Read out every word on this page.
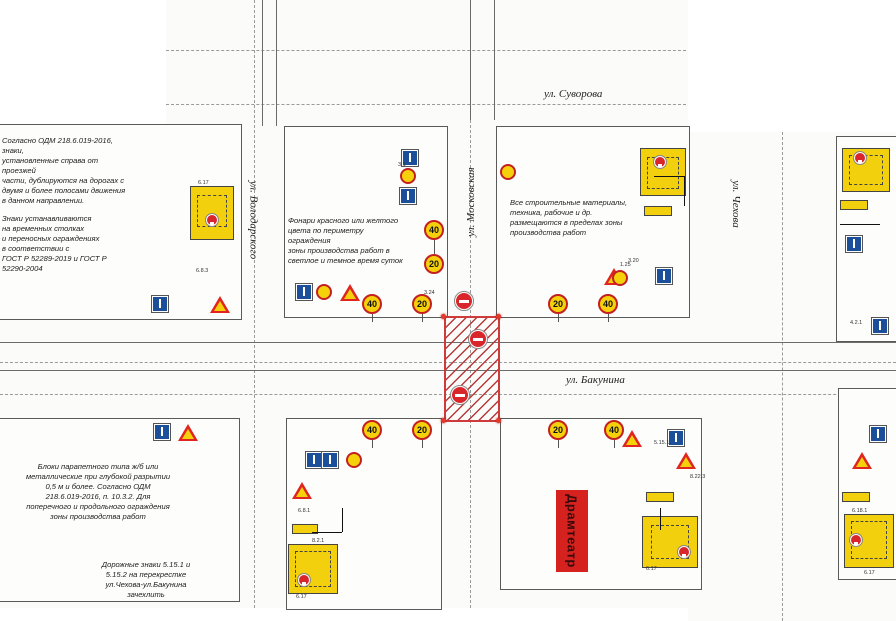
ул. Суворова
ул. Бакунина
ул. Володарского	ул. Московская	ул. Чехова
Согласно ОДМ 218.6.019-2016, знаки,
установленные справа от проезжей
части, дублируются на дорогах с
двумя и более полосами движения
в данном направлении.
Знаки устанавливаются
на временных столках
и переносных ограждениях
в соответствии с
ГОСТ Р 52289-2019 и ГОСТ Р
52290-2004
Фонари красного или желтого
цвета по периметру ограждения
зоны производства работ в
светлое и темное время суток
Все строительные материалы,
техника, рабочие и др.
размещаются в пределах зоны
производства работ
Блоки парапетного типа ж/б или
металлические при глубокой разрытии
0,5 м и более. Согласно ОДМ
218.6.019-2016, п. 10.3.2. Для
поперечного и продольного ограждения
зоны производства работ
Дорожные знаки 5.15.1 и
5.15.2 на перекрестке
ул.Чехова-ул.Бакунина
зачехлить
Драмтеатр
40
20
40	20	20	40
40	20	20	40
6.17
6.8.3
3.24
3.20
1.25
8.2.1
5.15.1
6.8.1
8.22.3
6.18.1
6.17
6.17
6.17
3.1
4.2.1
